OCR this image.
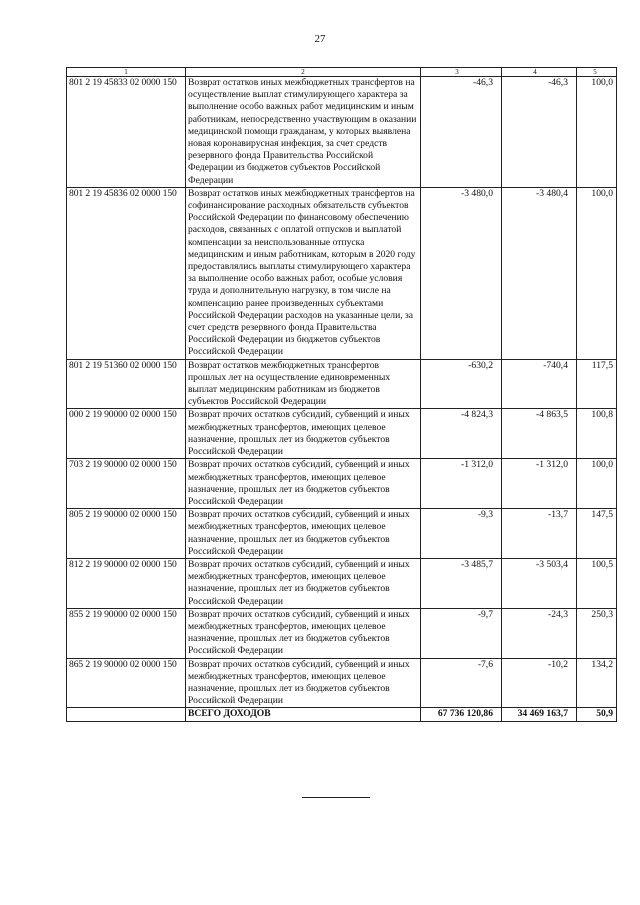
27
1	2	3	4	5
801 2 19 45833 02 0000 150	Возврат остатков иных межбюджетных трансфертов на осуществление выплат стимулирующего характера за выполнение особо важных работ медицинским и иным работникам, непосредственно участвующим в оказании медицинской помощи гражданам, у которых выявлена новая коронавирусная инфекция, за счет средств резервного фонда Правительства Российской Федерации из бюджетов субъектов Российской Федерации	-46,3	-46,3	100,0
801 2 19 45836 02 0000 150	Возврат остатков иных межбюджетных трансфертов на софинансирование расходных обязательств субъектов Российской Федерации по финансовому обеспечению расходов, связанных с оплатой отпусков и выплатой компенсации за неиспользованные отпуска медицинским и иным работникам, которым в 2020 году предоставлялись выплаты стимулирующего характера за выполнение особо важных работ, особые условия труда и дополнительную нагрузку, в том числе на компенсацию ранее произведенных субъектами Российской Федерации расходов на указанные цели, за счет средств резервного фонда Правительства Российской Федерации из бюджетов субъектов Российской Федерации	-3 480,0	-3 480,4	100,0
801 2 19 51360 02 0000 150	Возврат остатков межбюджетных трансфертов прошлых лет на осуществление единовременных выплат медицинским работникам из бюджетов субъектов Российской Федерации	-630,2	-740,4	117,5
000 2 19 90000 02 0000 150	Возврат прочих остатков субсидий, субвенций и иных межбюджетных трансфертов, имеющих целевое назначение, прошлых лет из бюджетов субъектов Российской Федерации	-4 824,3	-4 863,5	100,8
703 2 19 90000 02 0000 150	Возврат прочих остатков субсидий, субвенций и иных межбюджетных трансфертов, имеющих целевое назначение, прошлых лет из бюджетов субъектов Российской Федерации	-1 312,0	-1 312,0	100,0
805 2 19 90000 02 0000 150	Возврат прочих остатков субсидий, субвенций и иных межбюджетных трансфертов, имеющих целевое назначение, прошлых лет из бюджетов субъектов Российской Федерации	-9,3	-13,7	147,5
812 2 19 90000 02 0000 150	Возврат прочих остатков субсидий, субвенций и иных межбюджетных трансфертов, имеющих целевое назначение, прошлых лет из бюджетов субъектов Российской Федерации	-3 485,7	-3 503,4	100,5
855 2 19 90000 02 0000 150	Возврат прочих остатков субсидий, субвенций и иных межбюджетных трансфертов, имеющих целевое назначение, прошлых лет из бюджетов субъектов Российской Федерации	-9,7	-24,3	250,3
865 2 19 90000 02 0000 150	Возврат прочих остатков субсидий, субвенций и иных межбюджетных трансфертов, имеющих целевое назначение, прошлых лет из бюджетов субъектов Российской Федерации	-7,6	-10,2	134,2
	ВСЕГО ДОХОДОВ	67 736 120,86	34 469 163,7	50,9
